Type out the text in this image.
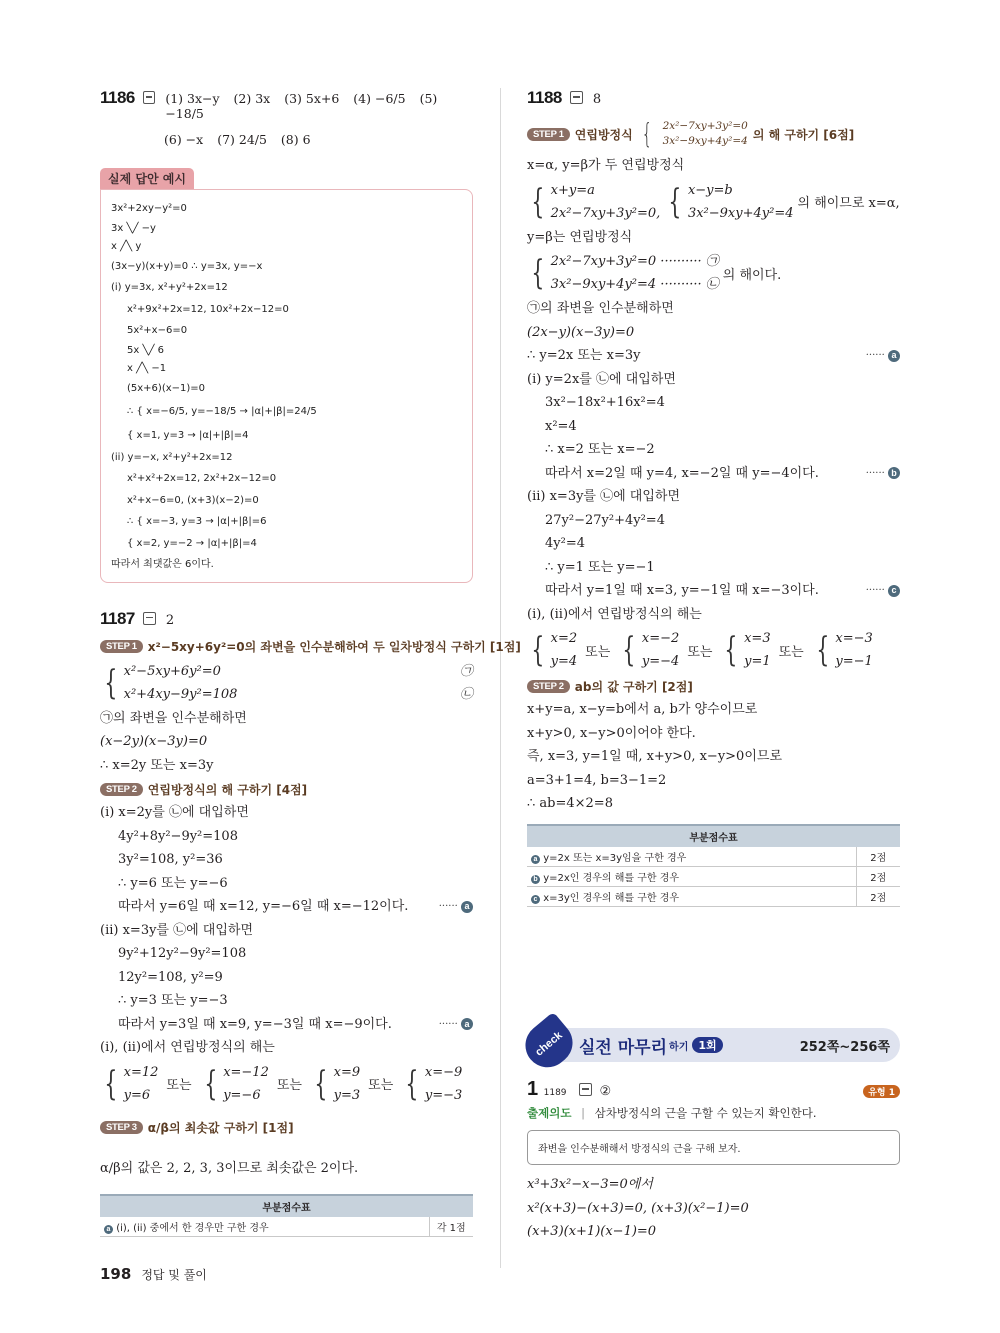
1186 (1) 3x−y (2) 3x (3) 5x+6 (4) −6/5 (5) −18/5
(6) −x (7) 24/5 (8) 6
실제 답안 예시
3x²+2xy−y²=0
3x ╲╱ −y
x ╱╲ y
(3x−y)(x+y)=0 ∴ y=3x, y=−x
(i) y=3x, x²+y²+2x=12
x²+9x²+2x=12, 10x²+2x−12=0
5x²+x−6=0
5x ╲╱ 6
x ╱╲ −1
(5x+6)(x−1)=0
∴ { x=−6/5, y=−18/5 → |α|+|β|=24/5
{ x=1, y=3 → |α|+|β|=4
(ii) y=−x, x²+y²+2x=12
x²+x²+2x=12, 2x²+2x−12=0
x²+x−6=0, (x+3)(x−2)=0
∴ { x=−3, y=3 → |α|+|β|=6
{ x=2, y=−2 → |α|+|β|=4
따라서 최댓값은 6이다.
1187 2
STEP 1 x²−5xy+6y²=0의 좌변을 인수분해하여 두 일차방정식 구하기 [1점]
{ x²−5xy+6y²=0	㉠
x²+4xy−9y²=108	㉡
㉠의 좌변을 인수분해하면
(x−2y)(x−3y)=0
∴ x=2y 또는 x=3y
STEP 2 연립방정식의 해 구하기 [4점]
(i) x=2y를 ㉡에 대입하면
4y²+8y²−9y²=108
3y²=108, y²=36
∴ y=6 또는 y=−6
따라서 y=6일 때 x=12, y=−6일 때 x=−12이다.	······ a
(ii) x=3y를 ㉡에 대입하면
9y²+12y²−9y²=108
12y²=108, y²=9
∴ y=3 또는 y=−3
따라서 y=3일 때 x=9, y=−3일 때 x=−9이다.	······ a
(i), (ii)에서 연립방정식의 해는
{ x=12
y=6
또는 { x=−12
y=−6
또는 { x=9
y=3
또는 { x=−9
y=−3
STEP 3 α/β의 최솟값 구하기 [1점]
α/β의 값은 2, 2, 3, 3이므로 최솟값은 2이다.
부분점수표
a (i), (ii) 중에서 한 경우만 구한 경우	각 1점
1188 8
STEP 1 연립방정식 { 2x²−7xy+3y²=0
3x²−9xy+4y²=4 의 해 구하기 [6점]
x=α, y=β가 두 연립방정식
{ x+y=a
2x²−7xy+3y²=0, { x−y=b
3x²−9xy+4y²=4
의 해이므로 x=α,
y=β는 연립방정식
{ 2x²−7xy+3y²=0 ·········· ㉠
3x²−9xy+4y²=4 ·········· ㉡
의 해이다.
㉠의 좌변을 인수분해하면
(2x−y)(x−3y)=0
∴ y=2x 또는 x=3y	······ a
(i) y=2x를 ㉡에 대입하면
3x²−18x²+16x²=4
x²=4
∴ x=2 또는 x=−2
따라서 x=2일 때 y=4, x=−2일 때 y=−4이다.	······ b
(ii) x=3y를 ㉡에 대입하면
27y²−27y²+4y²=4
4y²=4
∴ y=1 또는 y=−1
따라서 y=1일 때 x=3, y=−1일 때 x=−3이다.	······ c
(i), (ii)에서 연립방정식의 해는
{ x=2
y=4
또는 { x=−2
y=−4
또는 { x=3
y=1
또는 { x=−3
y=−1
STEP 2 ab의 값 구하기 [2점]
x+y=a, x−y=b에서 a, b가 양수이므로
x+y>0, x−y>0이어야 한다.
즉, x=3, y=1일 때, x+y>0, x−y>0이므로
a=3+1=4, b=3−1=2
∴ ab=4×2=8
부분점수표	
a y=2x 또는 x=3y임을 구한 경우	2점
b y=2x인 경우의 해를 구한 경우	2점
c x=3y인 경우의 해를 구한 경우	2점
check 실전 마무리 하기 1회	252쪽~256쪽
1 1189	②	유형 1
출제의도 | 삼차방정식의 근을 구할 수 있는지 확인한다.
좌변을 인수분해해서 방정식의 근을 구해 보자.
x³+3x²−x−3=0에서
x²(x+3)−(x+3)=0, (x+3)(x²−1)=0
(x+3)(x+1)(x−1)=0
198 정답 및 풀이
